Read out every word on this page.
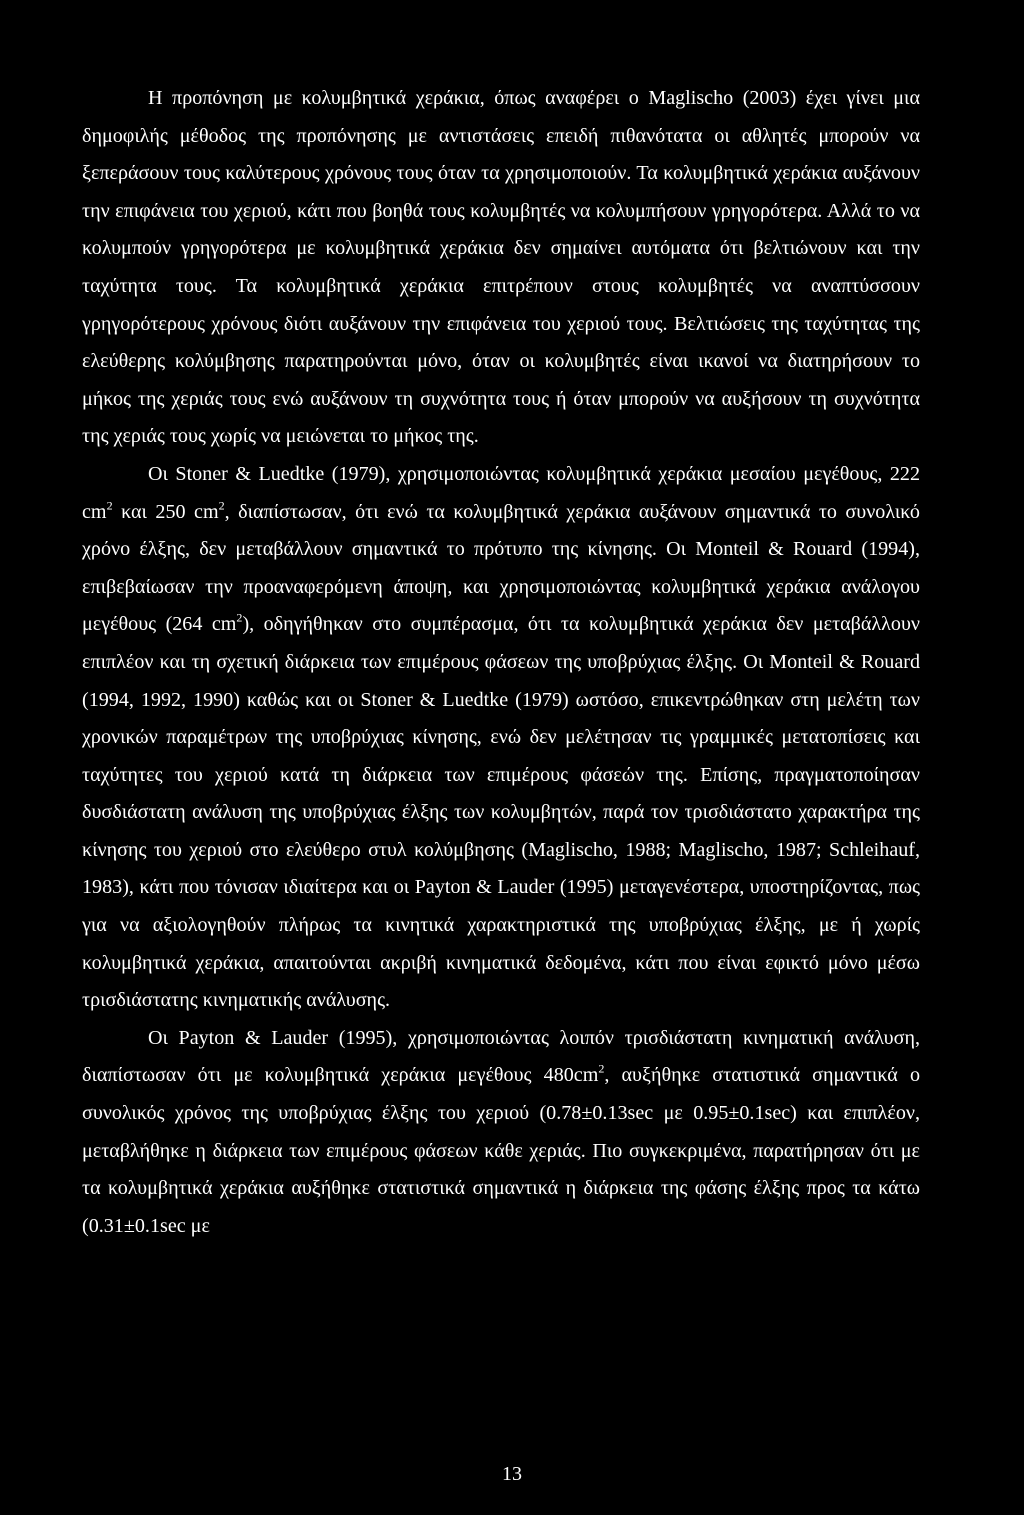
Η προπόνηση με κολυμβητικά χεράκια, όπως αναφέρει ο Maglischo (2003) έχει γίνει μια δημοφιλής μέθοδος της προπόνησης με αντιστάσεις επειδή πιθανότατα οι αθλητές μπορούν να ξεπεράσουν τους καλύτερους χρόνους τους όταν τα χρησιμοποιούν. Τα κολυμβητικά χεράκια αυξάνουν την επιφάνεια του χεριού, κάτι που βοηθά τους κολυμβητές να κολυμπήσουν γρηγορότερα. Αλλά το να κολυμπούν γρηγορότερα με κολυμβητικά χεράκια δεν σημαίνει αυτόματα ότι βελτιώνουν και την ταχύτητα τους. Τα κολυμβητικά χεράκια επιτρέπουν στους κολυμβητές να αναπτύσσουν γρηγορότερους χρόνους διότι αυξάνουν την επιφάνεια του χεριού τους. Βελτιώσεις της ταχύτητας της ελεύθερης κολύμβησης παρατηρούνται μόνο, όταν οι κολυμβητές είναι ικανοί να διατηρήσουν το μήκος της χεριάς τους ενώ αυξάνουν τη συχνότητα τους ή όταν μπορούν να αυξήσουν τη συχνότητα της χεριάς τους χωρίς να μειώνεται το μήκος της.

Οι Stoner & Luedtke (1979), χρησιμοποιώντας κολυμβητικά χεράκια μεσαίου μεγέθους, 222 $cm^2$ και 250 $cm^2$, διαπίστωσαν, ότι ενώ τα κολυμβητικά χεράκια αυξάνουν σημαντικά το συνολικό χρόνο έλξης, δεν μεταβάλλουν σημαντικά το πρότυπο της κίνησης. Οι Monteil & Rouard (1994), επιβεβαίωσαν την προαναφερόμενη άποψη, και χρησιμοποιώντας κολυμβητικά χεράκια ανάλογου μεγέθους (264 $cm^2$), οδηγήθηκαν στο συμπέρασμα, ότι τα κολυμβητικά χεράκια δεν μεταβάλλουν επιπλέον και τη σχετική διάρκεια των επιμέρους φάσεων της υποβρύχιας έλξης. Οι Monteil & Rouard (1994, 1992, 1990) καθώς και οι Stoner & Luedtke (1979) ωστόσο, επικεντρώθηκαν στη μελέτη των χρονικών παραμέτρων της υποβρύχιας κίνησης, ενώ δεν μελέτησαν τις γραμμικές μετατοπίσεις και ταχύτητες του χεριού κατά τη διάρκεια των επιμέρους φάσεών της. Επίσης, πραγματοποίησαν δυσδιάστατη ανάλυση της υποβρύχιας έλξης των κολυμβητών, παρά τον τρισδιάστατο χαρακτήρα της κίνησης του χεριού στο ελεύθερο στυλ κολύμβησης (Maglischo, 1988; Maglischo, 1987; Schleihauf, 1983), κάτι που τόνισαν ιδιαίτερα και οι Payton & Lauder (1995) μεταγενέστερα, υποστηρίζοντας, πως για να αξιολογηθούν πλήρως τα κινητικά χαρακτηριστικά της υποβρύχιας έλξης, με ή χωρίς κολυμβητικά χεράκια, απαιτούνται ακριβή κινηματικά δεδομένα, κάτι που είναι εφικτό μόνο μέσω τρισδιάστατης κινηματικής ανάλυσης.

Οι Payton & Lauder (1995), χρησιμοποιώντας λοιπόν τρισδιάστατη κινηματική ανάλυση, διαπίστωσαν ότι με κολυμβητικά χεράκια μεγέθους $480cm^2$, αυξήθηκε στατιστικά σημαντικά ο συνολικός χρόνος της υποβρύχιας έλξης του χεριού (0.78±0.13sec με 0.95±0.1sec) και επιπλέον, μεταβλήθηκε η διάρκεια των επιμέρους φάσεων κάθε χεριάς. Πιο συγκεκριμένα, παρατήρησαν ότι με τα κολυμβητικά χεράκια αυξήθηκε στατιστικά σημαντικά η διάρκεια της φάσης έλξης προς τα κάτω (0.31±0.1sec με

13
